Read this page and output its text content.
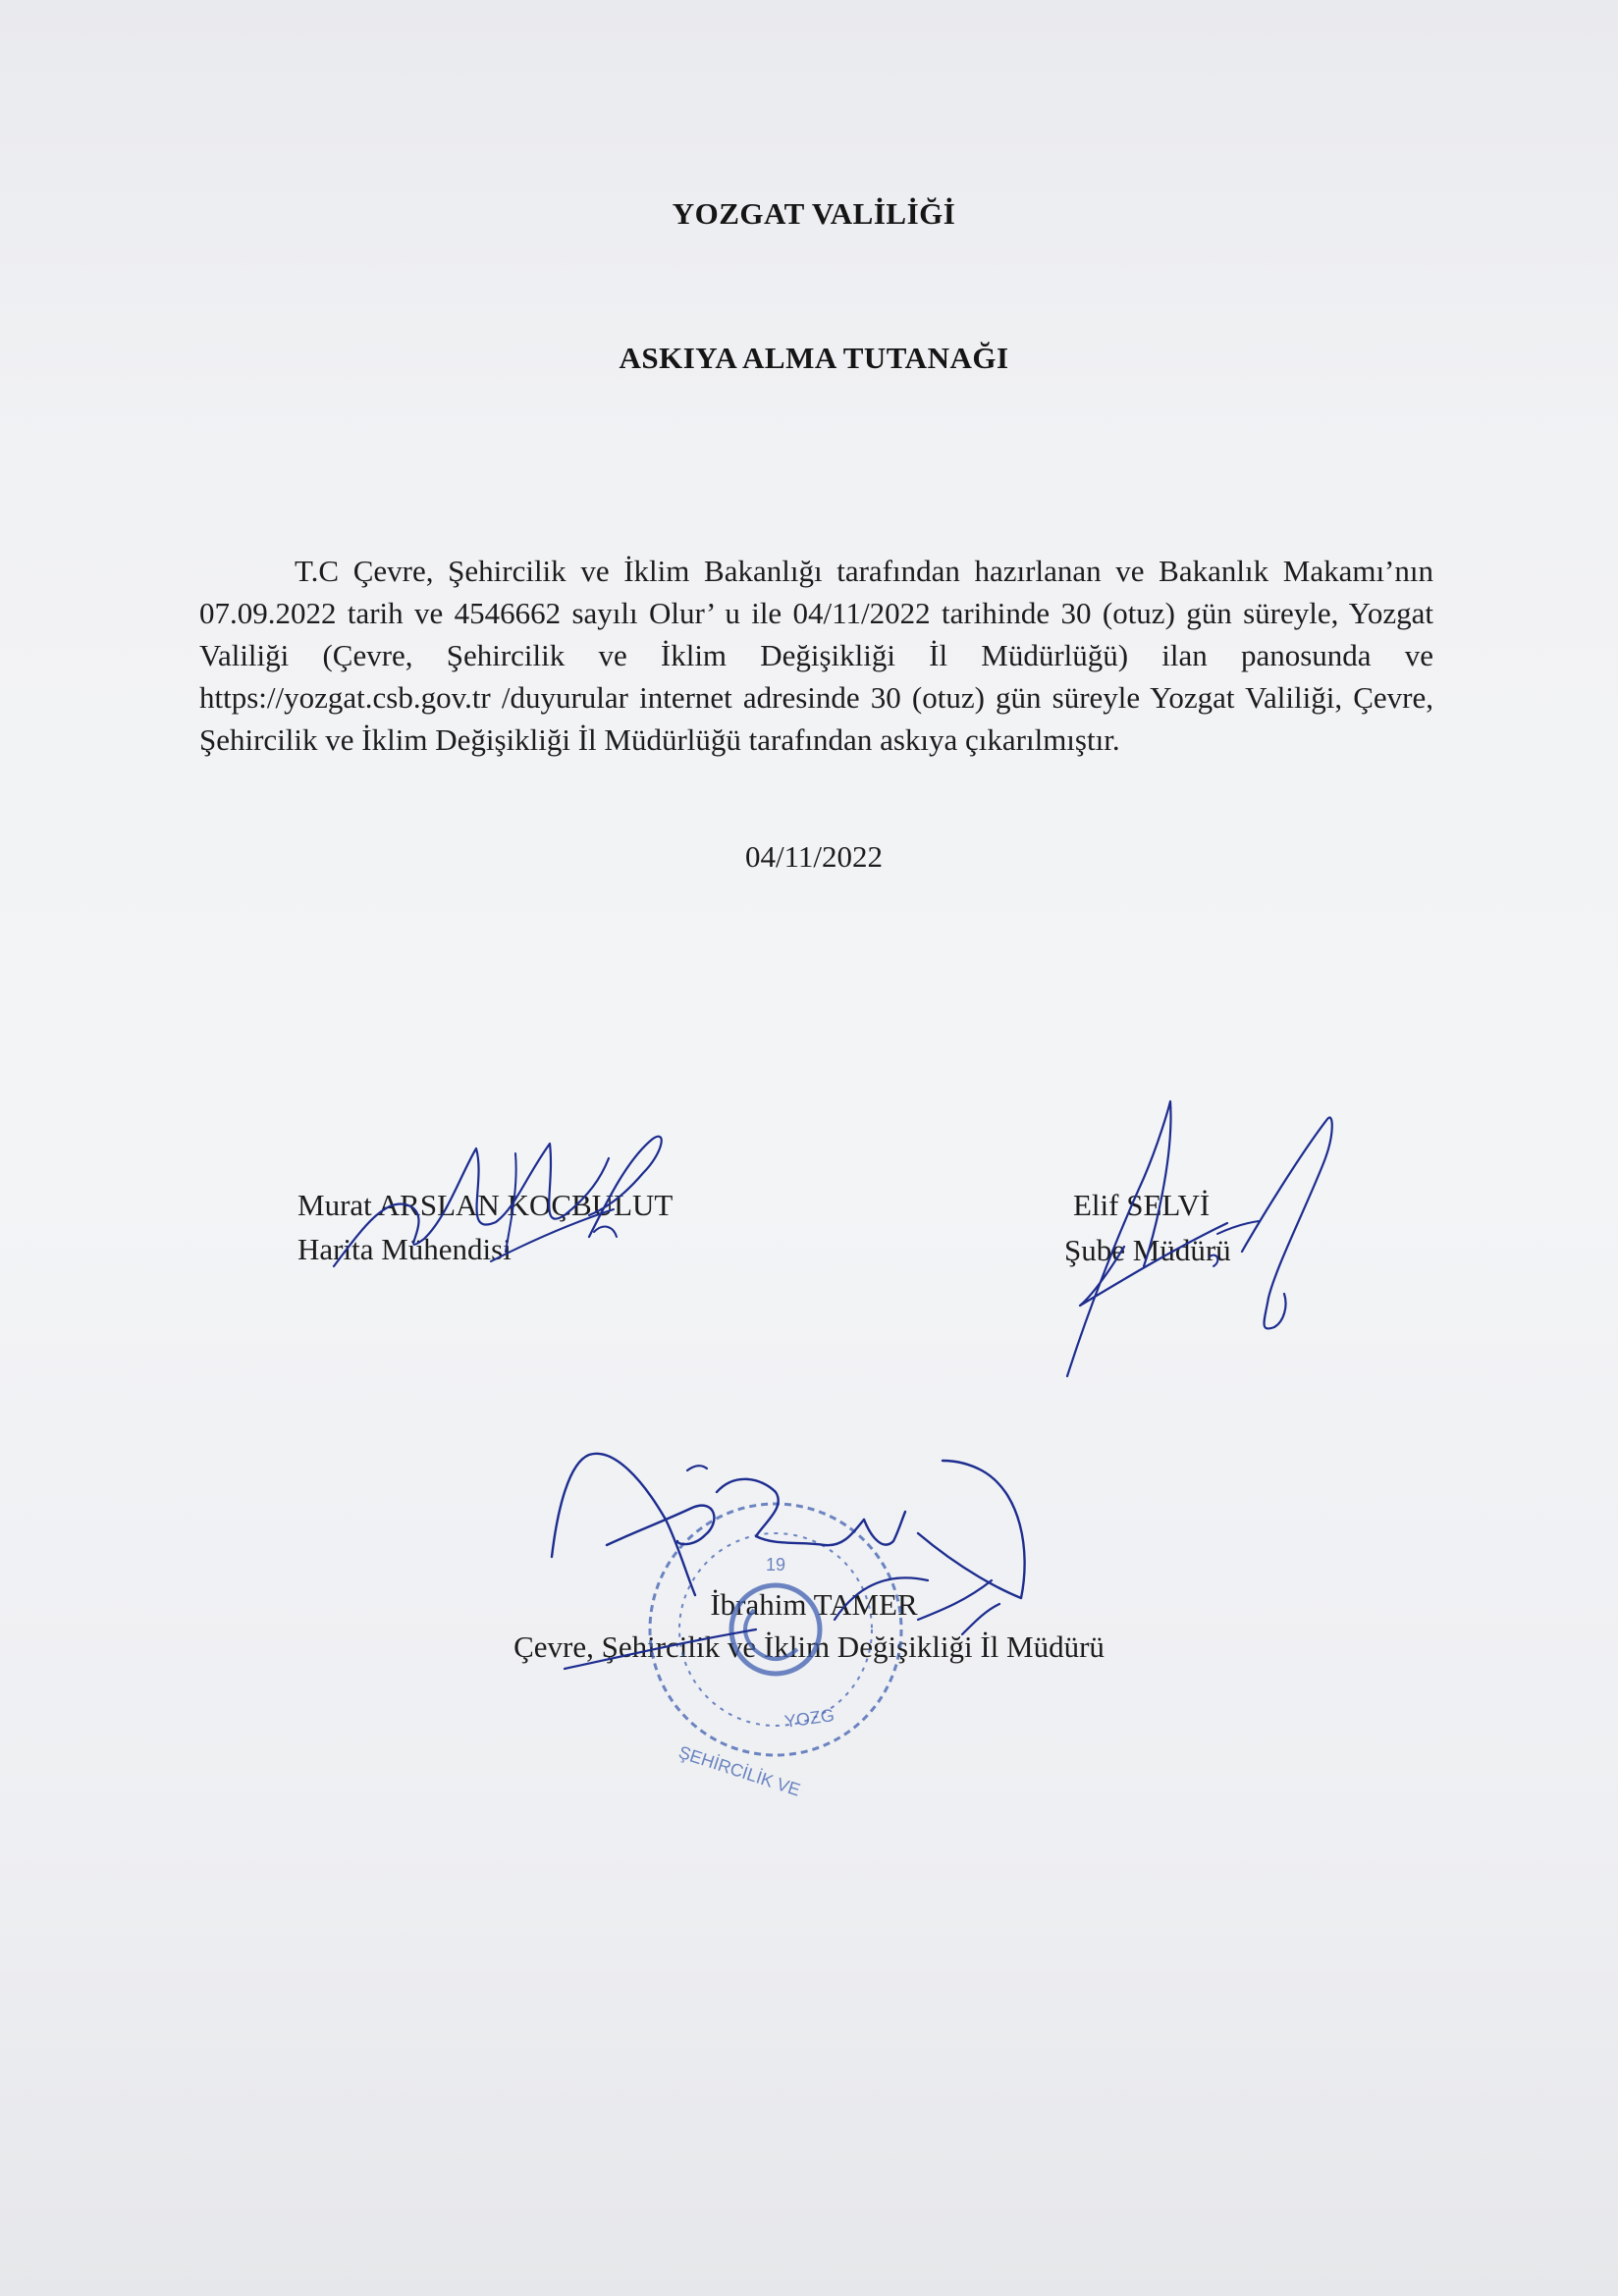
YOZGAT VALİLİĞİ
ASKIYA ALMA TUTANAĞI

T.C Çevre, Şehircilik ve İklim Bakanlığı tarafından hazırlanan ve Bakanlık Makamı’nın 07.09.2022 tarih ve 4546662 sayılı Olur’ u ile 04/11/2022 tarihinde 30 (otuz) gün süreyle, Yozgat Valiliği (Çevre, Şehircilik ve İklim Değişikliği İl Müdürlüğü) ilan panosunda ve https://yozgat.csb.gov.tr /duyurular internet adresinde 30 (otuz) gün süreyle Yozgat Valiliği, Çevre, Şehircilik ve İklim Değişikliği İl Müdürlüğü tarafından askıya çıkarılmıştır.

04/11/2022
Murat ARSLAN KOÇBULUT
Harita Mühendisi
Elif SELVİ
Şube Müdürü
İbrahim TAMER
Çevre, Şehircilik ve İklim Değişikliği İl Müdürü
19
YOZG
ŞEHİRCİLİK VE
